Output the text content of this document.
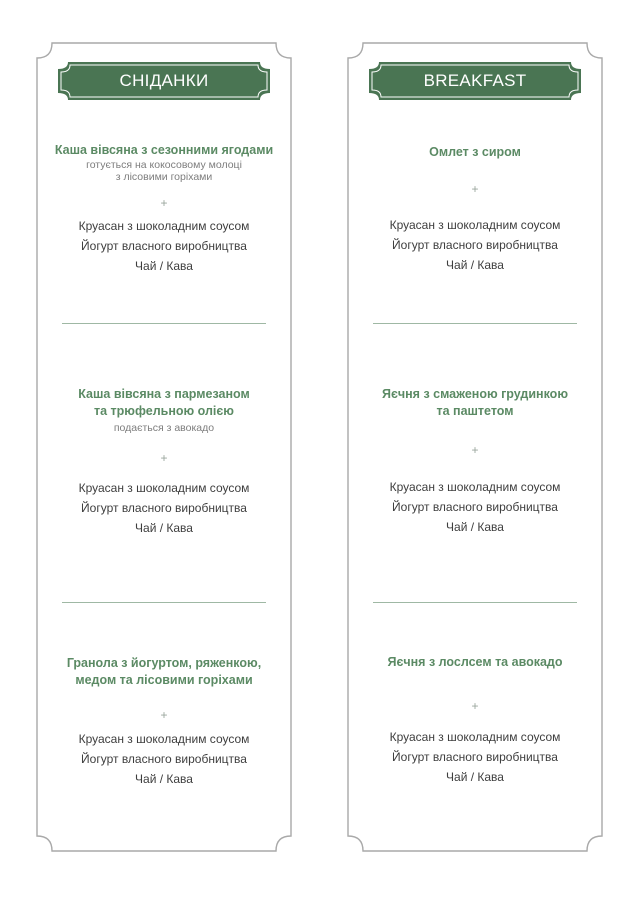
СНІДАНКИ
Каша вівсяна з сезонними ягодами
готується на кокосовому молоці
з лісовими горіхами
+
Круасан з шоколадним соусом
Йогурт власного виробництва
Чай / Кава
Каша вівсяна з пармезаном
та трюфельною олією
подається з авокадо
+
Круасан з шоколадним соусом
Йогурт власного виробництва
Чай / Кава
Гранола з йогуртом, ряженкою,
медом та лісовими горіхами
+
Круасан з шоколадним соусом
Йогурт власного виробництва
Чай / Кава
BREAKFAST
Омлет з сиром
+
Круасан з шоколадним соусом
Йогурт власного виробництва
Чай / Кава
Яєчня з смаженою грудинкою
та паштетом
+
Круасан з шоколадним соусом
Йогурт власного виробництва
Чай / Кава
Яєчня з лослсем та авокадо
+
Круасан з шоколадним соусом
Йогурт власного виробництва
Чай / Кава
